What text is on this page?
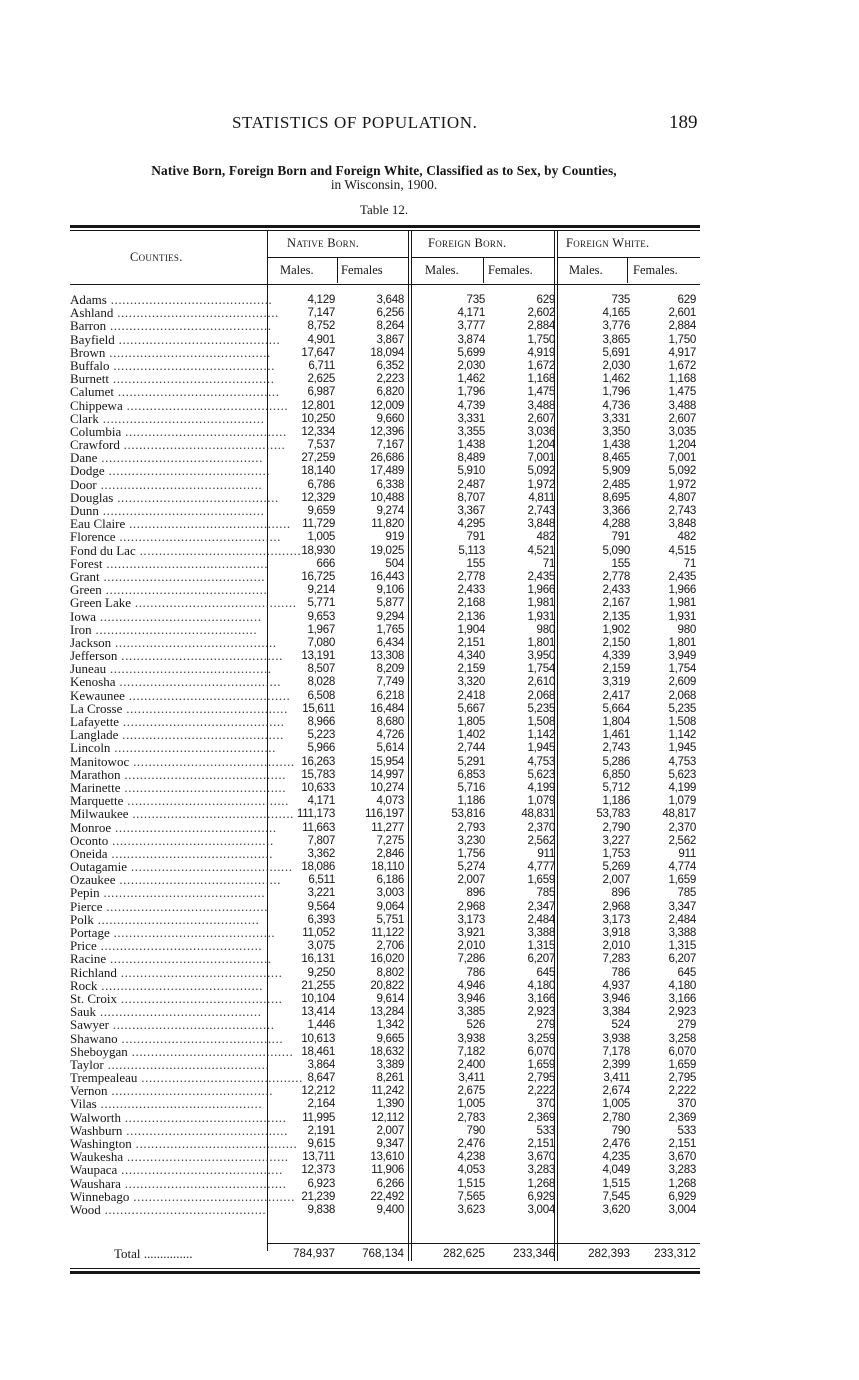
STATISTICS OF POPULATION.	189
Native Born, Foreign Born and Foreign White, Classified as to Sex, by Counties,
in Wisconsin, 1900.
Table 12.
Counties.
Native Born.	Foreign Born.	Foreign White.
Males. Females	Males. Females.	Males. Females.
Adams ..........................................	4,129	3,648	735	629	735	629
Ashland ..........................................	7,147	6,256	4,171	2,602	4,165	2,601
Barron ..........................................	8,752	8,264	3,777	2,884	3,776	2,884
Bayfield ..........................................	4,901	3,867	3,874	1,750	3,865	1,750
Brown ..........................................	17,647	18,094	5,699	4,919	5,691	4,917
Buffalo ..........................................	6,711	6,352	2,030	1,672	2,030	1,672
Burnett ..........................................	2,625	2,223	1,462	1,168	1,462	1,168
Calumet ..........................................	6,987	6,820	1,796	1,475	1,796	1,475
Chippewa ..........................................	12,801	12,009	4,739	3,488	4,736	3,488
Clark ..........................................	10,250	9,660	3,331	2,607	3,331	2,607
Columbia ..........................................	12,334	12,396	3,355	3,036	3,350	3,035
Crawford ..........................................	7,537	7,167	1,438	1,204	1,438	1,204
Dane ..........................................	27,259	26,686	8,489	7,001	8,465	7,001
Dodge ..........................................	18,140	17,489	5,910	5,092	5,909	5,092
Door ..........................................	6,786	6,338	2,487	1,972	2,485	1,972
Douglas ..........................................	12,329	10,488	8,707	4,811	8,695	4,807
Dunn ..........................................	9,659	9,274	3,367	2,743	3,366	2,743
Eau Claire .......................................... 11,729	11,820	4,295	3,848	4,288	3,848
Florence ..........................................	1,005	919	791	482	791	482
Fond du Lac .......................................... 18,930	19,025	5,113	4,521	5,090	4,515
Forest ..........................................	666	504	155	71	155	71
Grant ..........................................	16,725	16,443	2,778	2,435	2,778	2,435
Green ..........................................	9,214	9,106	2,433	1,966	2,433	1,966
Green Lake .......................................... 5,771	5,877	2,168	1,981	2,167	1,981
Iowa ..........................................	9,653	9,294	2,136	1,931	2,135	1,931
Iron ..........................................	1,967	1,765	1,904	980	1,902	980
Jackson ..........................................	7,080	6,434	2,151	1,801	2,150	1,801
Jefferson ..........................................	13,191	13,308	4,340	3,950	4,339	3,949
Juneau ..........................................	8,507	8,209	2,159	1,754	2,159	1,754
Kenosha ..........................................	8,028	7,749	3,320	2,610	3,319	2,609
Kewaunee ..........................................	6,508	6,218	2,418	2,068	2,417	2,068
La Crosse ..........................................	15,611	16,484	5,667	5,235	5,664	5,235
Lafayette ..........................................	8,966	8,680	1,805	1,508	1,804	1,508
Langlade ..........................................	5,223	4,726	1,402	1,142	1,461	1,142
Lincoln ..........................................	5,966	5,614	2,744	1,945	2,743	1,945
Manitowoc .......................................... 16,263	15,954	5,291	4,753	5,286	4,753
Marathon ..........................................	15,783	14,997	6,853	5,623	6,850	5,623
Marinette ..........................................	10,633	10,274	5,716	4,199	5,712	4,199
Marquette ..........................................	4,171	4,073	1,186	1,079	1,186	1,079
Milwaukee .......................................... 111,173	116,197	53,816	48,831	53,783	48,817
Monroe ..........................................	11,663	11,277	2,793	2,370	2,790	2,370
Oconto ..........................................	7,807	7,275	3,230	2,562	3,227	2,562
Oneida ..........................................	3,362	2,846	1,756	911	1,753	911
Outagamie .......................................... 18,086	18,110	5,274	4,777	5,269	4,774
Ozaukee ..........................................	6,511	6,186	2,007	1,659	2,007	1,659
Pepin ..........................................	3,221	3,003	896	785	896	785
Pierce ..........................................	9,564	9,064	2,968	2,347	2,968	3,347
Polk ..........................................	6,393	5,751	3,173	2,484	3,173	2,484
Portage ..........................................	11,052	11,122	3,921	3,388	3,918	3,388
Price ..........................................	3,075	2,706	2,010	1,315	2,010	1,315
Racine ..........................................	16,131	16,020	7,286	6,207	7,283	6,207
Richland ..........................................	9,250	8,802	786	645	786	645
Rock ..........................................	21,255	20,822	4,946	4,180	4,937	4,180
St. Croix ..........................................	10,104	9,614	3,946	3,166	3,946	3,166
Sauk ..........................................	13,414	13,284	3,385	2,923	3,384	2,923
Sawyer ..........................................	1,446	1,342	526	279	524	279
Shawano ..........................................	10,613	9,665	3,938	3,259	3,938	3,258
Sheboygan .......................................... 18,461	18,632	7,182	6,070	7,178	6,070
Taylor ..........................................	3,864	3,389	2,400	1,659	2,399	1,659
Trempealeau .......................................... 8,647	8,261	3,411	2,795	3,411	2,795
Vernon ..........................................	12,212	11,242	2,675	2,222	2,674	2,222
Vilas ..........................................	2,164	1,390	1,005	370	1,005	370
Walworth ..........................................	11,995	12,112	2,783	2,369	2,780	2,369
Washburn ..........................................	2,191	2,007	790	533	790	533
Washington .......................................... 9,615	9,347	2,476	2,151	2,476	2,151
Waukesha ..........................................	13,711	13,610	4,238	3,670	4,235	3,670
Waupaca ..........................................	12,373	11,906	4,053	3,283	4,049	3,283
Waushara ..........................................	6,923	6,266	1,515	1,268	1,515	1,268
Winnebago .......................................... 21,239	22,492	7,565	6,929	7,545	6,929
Wood ..........................................	9,838	9,400	3,623	3,004	3,620	3,004
Total ...............	784,937	768,134	282,625	233,346	282,393	233,312
